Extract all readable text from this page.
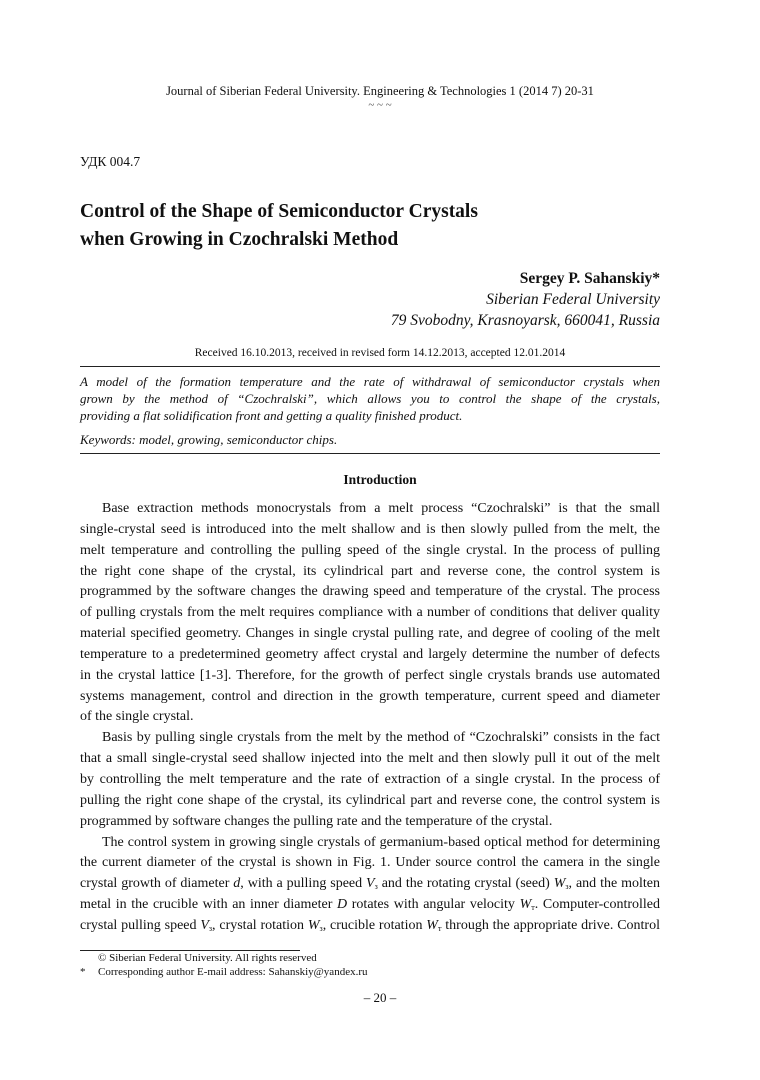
Journal of Siberian Federal University. Engineering & Technologies 1 (2014 7) 20-31
~ ~ ~
УДК 004.7
Control of the Shape of Semiconductor Crystals
when Growing in Czochralski Method
Sergey P. Sahanskiy*
Siberian Federal University
79 Svobodny, Krasnoyarsk, 660041, Russia
Received 16.10.2013, received in revised form 14.12.2013, accepted 12.01.2014
A model of the formation temperature and the rate of withdrawal of semiconductor crystals when
grown by the method of “Czochralski”, which allows you to control the shape of the crystals,
providing a flat solidification front and getting a quality finished product.
Keywords: model, growing, semiconductor chips.
Introduction
Base extraction methods monocrystals from a melt process “Czochralski” is that the small
single-crystal seed is introduced into the melt shallow and is then slowly pulled from the melt, the
melt temperature and controlling the pulling speed of the single crystal. In the process of pulling
the right cone shape of the crystal, its cylindrical part and reverse cone, the control system is
programmed by the software changes the drawing speed and temperature of the crystal. The process
of pulling crystals from the melt requires compliance with a number of conditions that deliver quality
material specified geometry. Changes in single crystal pulling rate, and degree of cooling of the melt
temperature to a predetermined geometry affect crystal and largely determine the number of defects
in the crystal lattice [1-3]. Therefore, for the growth of perfect single crystals brands use automated
systems management, control and direction in the growth temperature, current speed and diameter
of the single crystal.
Basis by pulling single crystals from the melt by the method of “Czochralski” consists in the fact
that a small single-crystal seed shallow injected into the melt and then slowly pull it out of the melt
by controlling the melt temperature and the rate of extraction of a single crystal. In the process of
pulling the right cone shape of the crystal, its cylindrical part and reverse cone, the control system is
programmed by software changes the pulling rate and the temperature of the crystal.
The control system in growing single crystals of germanium-based optical method for determining
the current diameter of the crystal is shown in Fig. 1. Under source control the camera in the single
crystal growth of diameter d, with a pulling speed $V_з$ and the rotating crystal (seed) $W_з$, and the molten
metal in the crucible with an inner diameter D rotates with angular velocity $W_т$. Computer-controlled
crystal pulling speed $V_з$, crystal rotation $W_з$, crucible rotation $W_т$ through the appropriate drive. Control
© Siberian Federal University. All rights reserved
* Corresponding author E-mail address: Sahanskiy@yandex.ru
– 20 –
